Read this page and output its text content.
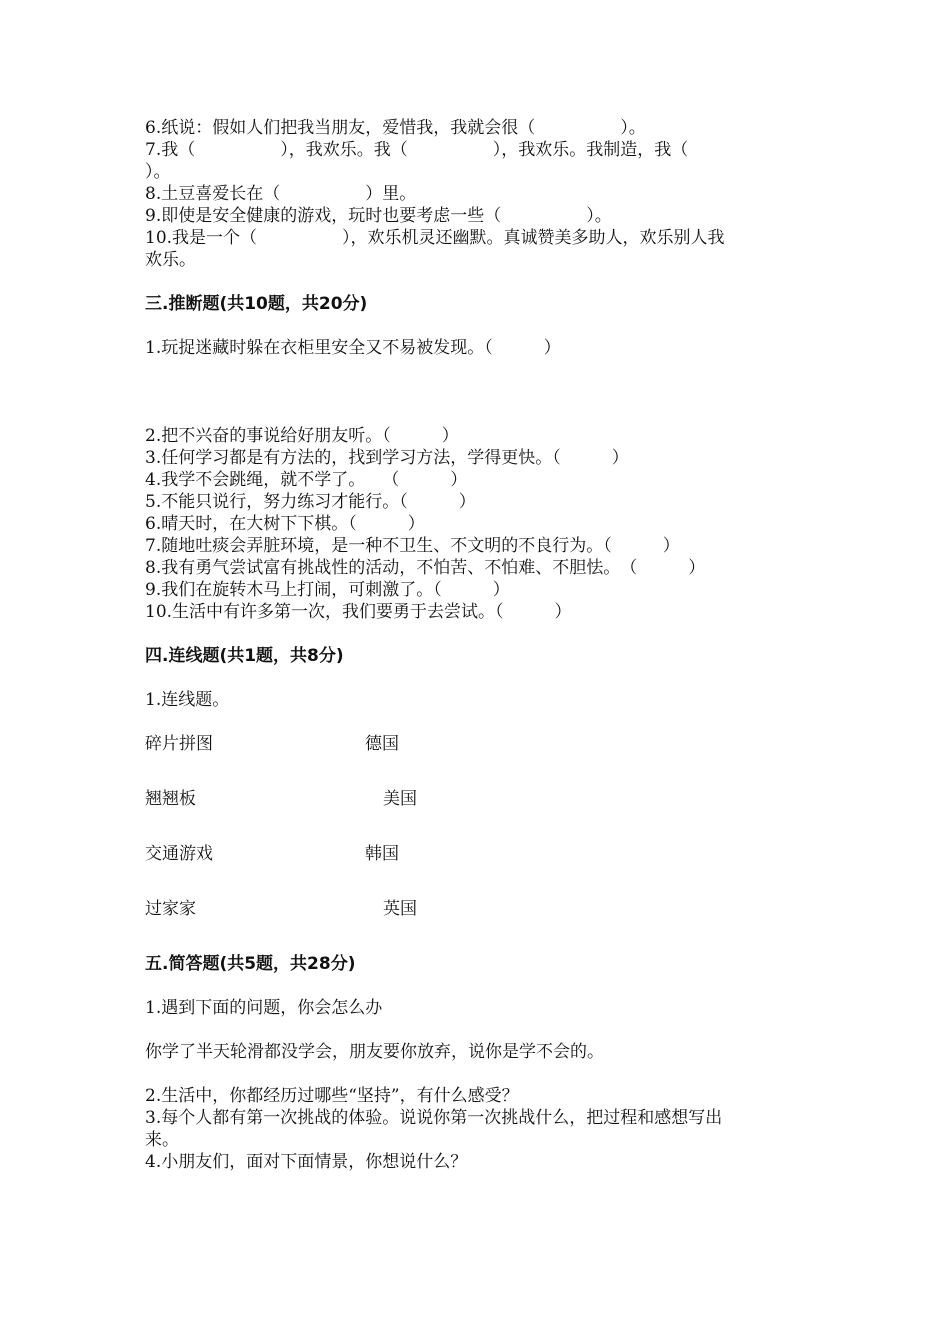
6.纸说：假如人们把我当朋友，爱惜我，我就会很（　　　　　）。
7.我（　　　　　），我欢乐。我（　　　　　），我欢乐。我制造，我（
）。
8.土豆喜爱长在（　　　　　）里。
9.即使是安全健康的游戏，玩时也要考虑一些（　　　　　）。
10.我是一个（　　　　　），欢乐机灵还幽默。真诚赞美多助人，欢乐别人我
欢乐。
三.推断题(共10题，共20分)
1.玩捉迷藏时躲在衣柜里安全又不易被发现。（　　　）
2.把不兴奋的事说给好朋友听。（　　　）
3.任何学习都是有方法的，找到学习方法，学得更快。（　　　）
4.我学不会跳绳，就不学了。　　（　　　）
5.不能只说行，努力练习才能行。（　　　）
6.晴天时，在大树下下棋。（　　　）
7.随地吐痰会弄脏环境，是一种不卫生、不文明的不良行为。（　　　）
8.我有勇气尝试富有挑战性的活动，不怕苦、不怕难、不胆怯。　（　　　）
9.我们在旋转木马上打闹，可刺激了。（　　　）
10.生活中有许多第一次，我们要勇于去尝试。（　　　）
四.连线题(共1题，共8分)
1.连线题。
碎片拼图	德国
翘翘板	美国
交通游戏	韩国
过家家	英国
五.简答题(共5题，共28分)
1.遇到下面的问题，你会怎么办
你学了半天轮滑都没学会，朋友要你放弃，说你是学不会的。
2.生活中，你都经历过哪些“坚持”，有什么感受？
3.每个人都有第一次挑战的体验。说说你第一次挑战什么，把过程和感想写出
来。
4.小朋友们，面对下面情景，你想说什么？
